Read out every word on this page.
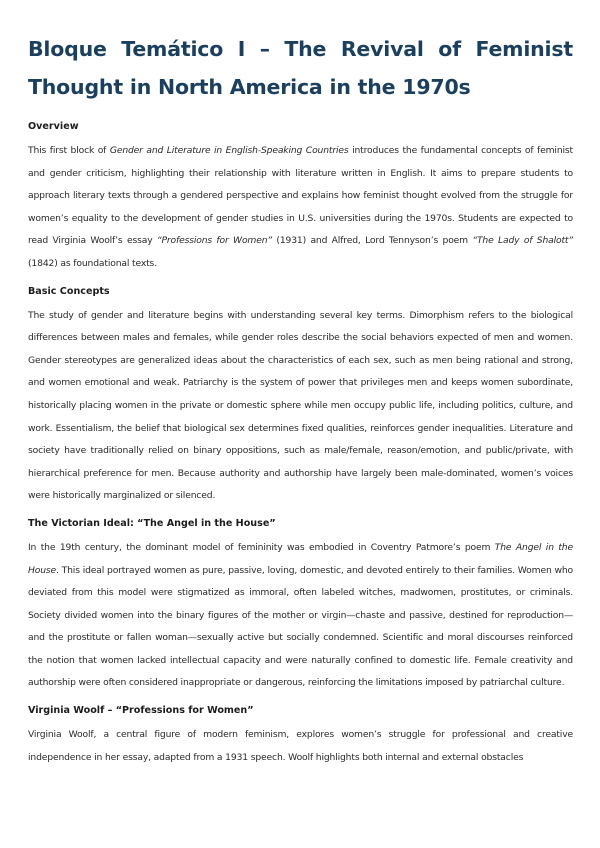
Bloque Temático I – The Revival of Feminist Thought in North America in the 1970s
Overview

This first block of Gender and Literature in English-Speaking Countries introduces the fundamental concepts of feminist and gender criticism, highlighting their relationship with literature written in English. It aims to prepare students to approach literary texts through a gendered perspective and explains how feminist thought evolved from the struggle for women’s equality to the development of gender studies in U.S. universities during the 1970s. Students are expected to read Virginia Woolf’s essay “Professions for Women” (1931) and Alfred, Lord Tennyson’s poem “The Lady of Shalott” (1842) as foundational texts.

Basic Concepts

The study of gender and literature begins with understanding several key terms. Dimorphism refers to the biological differences between males and females, while gender roles describe the social behaviors expected of men and women. Gender stereotypes are generalized ideas about the characteristics of each sex, such as men being rational and strong, and women emotional and weak. Patriarchy is the system of power that privileges men and keeps women subordinate, historically placing women in the private or domestic sphere while men occupy public life, including politics, culture, and work. Essentialism, the belief that biological sex determines fixed qualities, reinforces gender inequalities. Literature and society have traditionally relied on binary oppositions, such as male/female, reason/emotion, and public/private, with hierarchical preference for men. Because authority and authorship have largely been male-dominated, women’s voices were historically marginalized or silenced.

The Victorian Ideal: “The Angel in the House”

In the 19th century, the dominant model of femininity was embodied in Coventry Patmore’s poem The Angel in the House. This ideal portrayed women as pure, passive, loving, domestic, and devoted entirely to their families. Women who deviated from this model were stigmatized as immoral, often labeled witches, madwomen, prostitutes, or criminals. Society divided women into the binary figures of the mother or virgin—chaste and passive, destined for reproduction—and the prostitute or fallen woman—sexually active but socially condemned. Scientific and moral discourses reinforced the notion that women lacked intellectual capacity and were naturally confined to domestic life. Female creativity and authorship were often considered inappropriate or dangerous, reinforcing the limitations imposed by patriarchal culture.

Virginia Woolf – “Professions for Women”

Virginia Woolf, a central figure of modern feminism, explores women’s struggle for professional and creative independence in her essay, adapted from a 1931 speech. Woolf highlights both internal and external obstacles
